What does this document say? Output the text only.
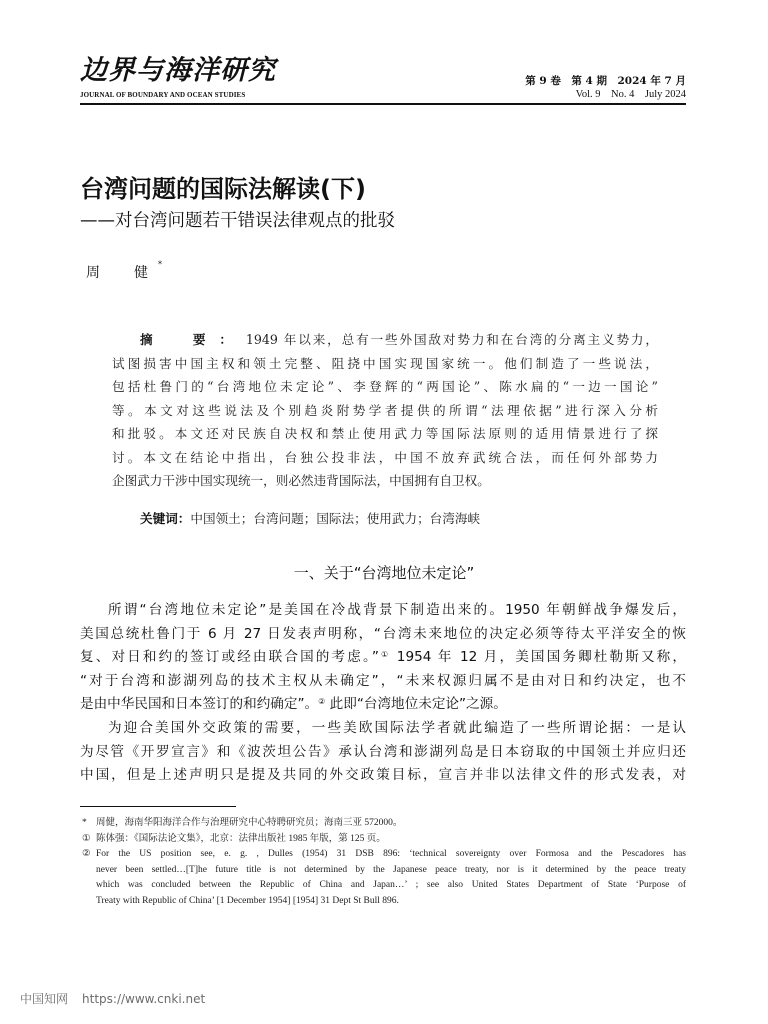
边界与海洋研究
JOURNAL OF BOUNDARY AND OCEAN STUDIES
第 9 卷　第 4 期　2024 年 7 月
Vol. 9　No. 4　July 2024
台湾问题的国际法解读(下)
——对台湾问题若干错误法律观点的批驳
周　健*
摘　要：1949 年以来，总有一些外国敌对势力和在台湾的分离主义势力，
试图损害中国主权和领土完整、阻挠中国实现国家统一。他们制造了一些说法，
包括杜鲁门的“台湾地位未定论”、李登辉的“两国论”、陈水扁的“一边一国论”
等。本文对这些说法及个别趋炎附势学者提供的所谓“法理依据”进行深入分析
和批驳。本文还对民族自决权和禁止使用武力等国际法原则的适用情景进行了探
讨。本文在结论中指出，台独公投非法，中国不放弃武统合法，而任何外部势力
企图武力干涉中国实现统一，则必然违背国际法，中国拥有自卫权。
关键词：中国领土；台湾问题；国际法；使用武力；台湾海峡
一、关于“台湾地位未定论”
所谓“台湾地位未定论”是美国在冷战背景下制造出来的。1950 年朝鲜战争爆发后，
美国总统杜鲁门于 6 月 27 日发表声明称，“台湾未来地位的决定必须等待太平洋安全的恢
复、对日和约的签订或经由联合国的考虑。”① 1954 年 12 月，美国国务卿杜勒斯又称，
“对于台湾和澎湖列岛的技术主权从未确定”，“未来权源归属不是由对日和约决定，也不
是由中华民国和日本签订的和约确定”。② 此即“台湾地位未定论”之源。
为迎合美国外交政策的需要，一些美欧国际法学者就此编造了一些所谓论据：一是认
为尽管《开罗宣言》和《波茨坦公告》承认台湾和澎湖列岛是日本窃取的中国领土并应归还
中国，但是上述声明只是提及共同的外交政策目标，宣言并非以法律文件的形式发表，对
* 周健，海南华阳海洋合作与治理研究中心特聘研究员；海南三亚 572000。
① 陈体强：《国际法论文集》，北京：法律出版社 1985 年版，第 125 页。
② For the US position see, e. g. , Dulles (1954) 31 DSB 896: ‘technical sovereignty over Formosa and the Pescadores has
never been settled…[T]he future title is not determined by the Japanese peace treaty, nor is it determined by the peace treaty
which was concluded between the Republic of China and Japan…’ ; see also United States Department of State ‘Purpose of
Treaty with Republic of China’ [1 December 1954] [1954] 31 Dept St Bull 896.
中国知网 https://www.cnki.net
